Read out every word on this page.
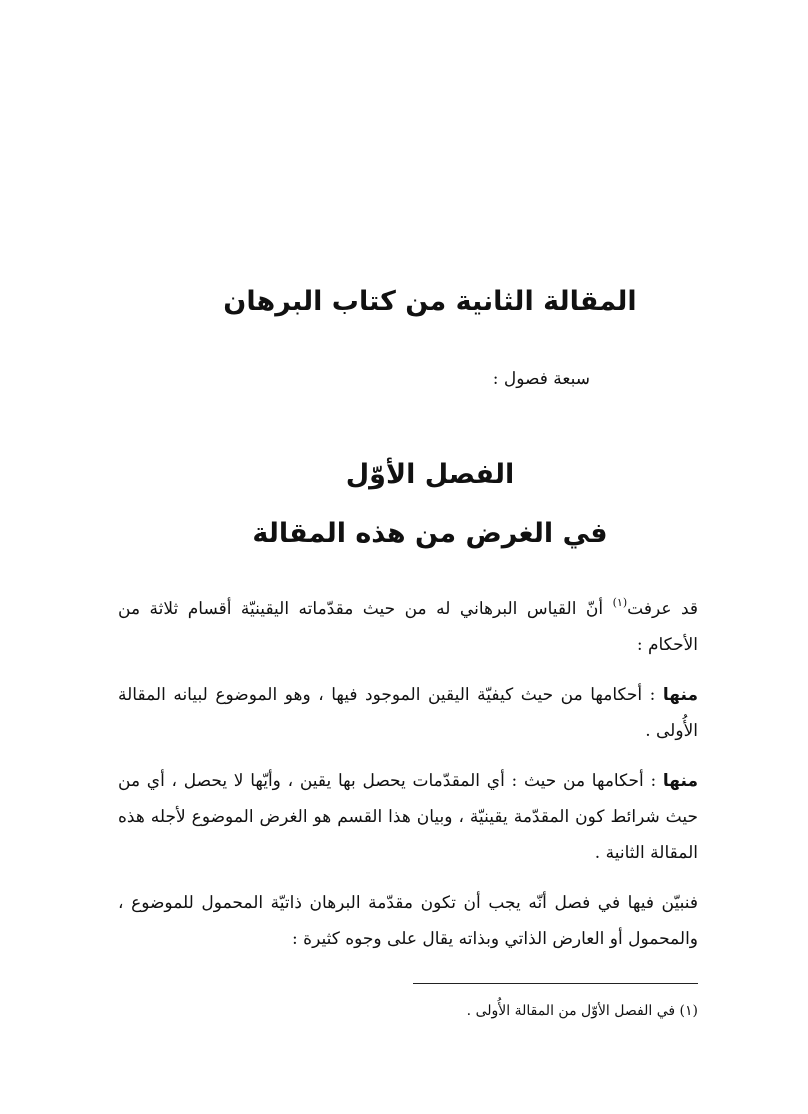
المقالة الثانية من كتاب البرهان
سبعة فصول :
الفصل الأوّل
في الغرض من هذه المقالة

قد عرفت$^{(١)}$ أنّ القياس البرهاني له من حيث مقدّماته اليقينيّة أقسام ثلاثة من الأحكام :

منها : أحكامها من حيث كيفيّة اليقين الموجود فيها ، وهو الموضوع لبيانه المقالة الأُولى .

منها : أحكامها من حيث : أي المقدّمات يحصل بها يقين ، وأيّها لا يحصل ، أي من حيث شرائط كون المقدّمة يقينيّة ، وبيان هذا القسم هو الغرض الموضوع لأجله هذه المقالة الثانية .

فنبيّن فيها في فصل أنّه يجب أن تكون مقدّمة البرهان ذاتيّة المحمول للموضوع ، والمحمول أو العارض الذاتي وبذاته يقال على وجوه كثيرة :

(١) في الفصل الأوّل من المقالة الأُولى .
